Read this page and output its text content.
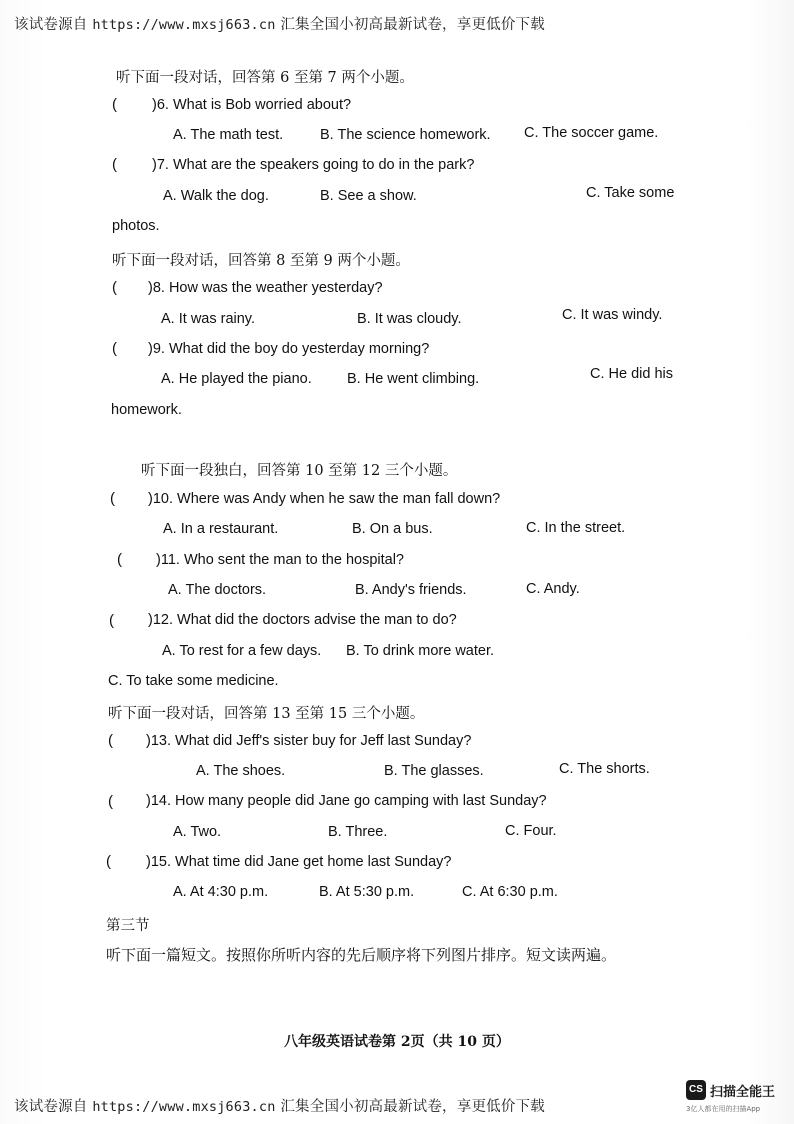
该试卷源自 https://www.mxsj663.cn 汇集全国小初高最新试卷，享更低价下载
听下面一段对话，回答第 6 至第 7 两个小题。
( )6. What is Bob worried about?
A. The math test.	B. The science homework. C. The soccer game.
( )7. What are the speakers going to do in the park?
A. Walk the dog.	B. See a show.	C. Take some
photos.
听下面一段对话，回答第 8 至第 9 两个小题。
( )8. How was the weather yesterday?
A. It was rainy.	B. It was cloudy.	C. It was windy.
( )9. What did the boy do yesterday morning?
A. He played the piano. B. He went climbing.	C. He did his
homework.
听下面一段独白，回答第 10 至第 12 三个小题。
( )10. Where was Andy when he saw the man fall down?
A. In a restaurant.	B. On a bus.	C. In the street.
( )11. Who sent the man to the hospital?
A. The doctors.	B. Andy's friends.	C. Andy.
( )12. What did the doctors advise the man to do?
A. To rest for a few days. B. To drink more water.
C. To take some medicine.
听下面一段对话，回答第 13 至第 15 三个小题。
( )13. What did Jeff's sister buy for Jeff last Sunday?
A. The shoes.	B. The glasses.	C. The shorts.
( )14. How many people did Jane go camping with last Sunday?
A. Two.	B. Three.	C. Four.
( )15. What time did Jane get home last Sunday?
A. At 4:30 p.m.	B. At 5:30 p.m.	C. At 6:30 p.m.
第三节
听下面一篇短文。按照你所听内容的先后顺序将下列图片排序。短文读两遍。
八年级英语试卷第 2页（共 10 页）
该试卷源自 https://www.mxsj663.cn 汇集全国小初高最新试卷，享更低价下载
CS 扫描全能王
3亿人都在用的扫描App
